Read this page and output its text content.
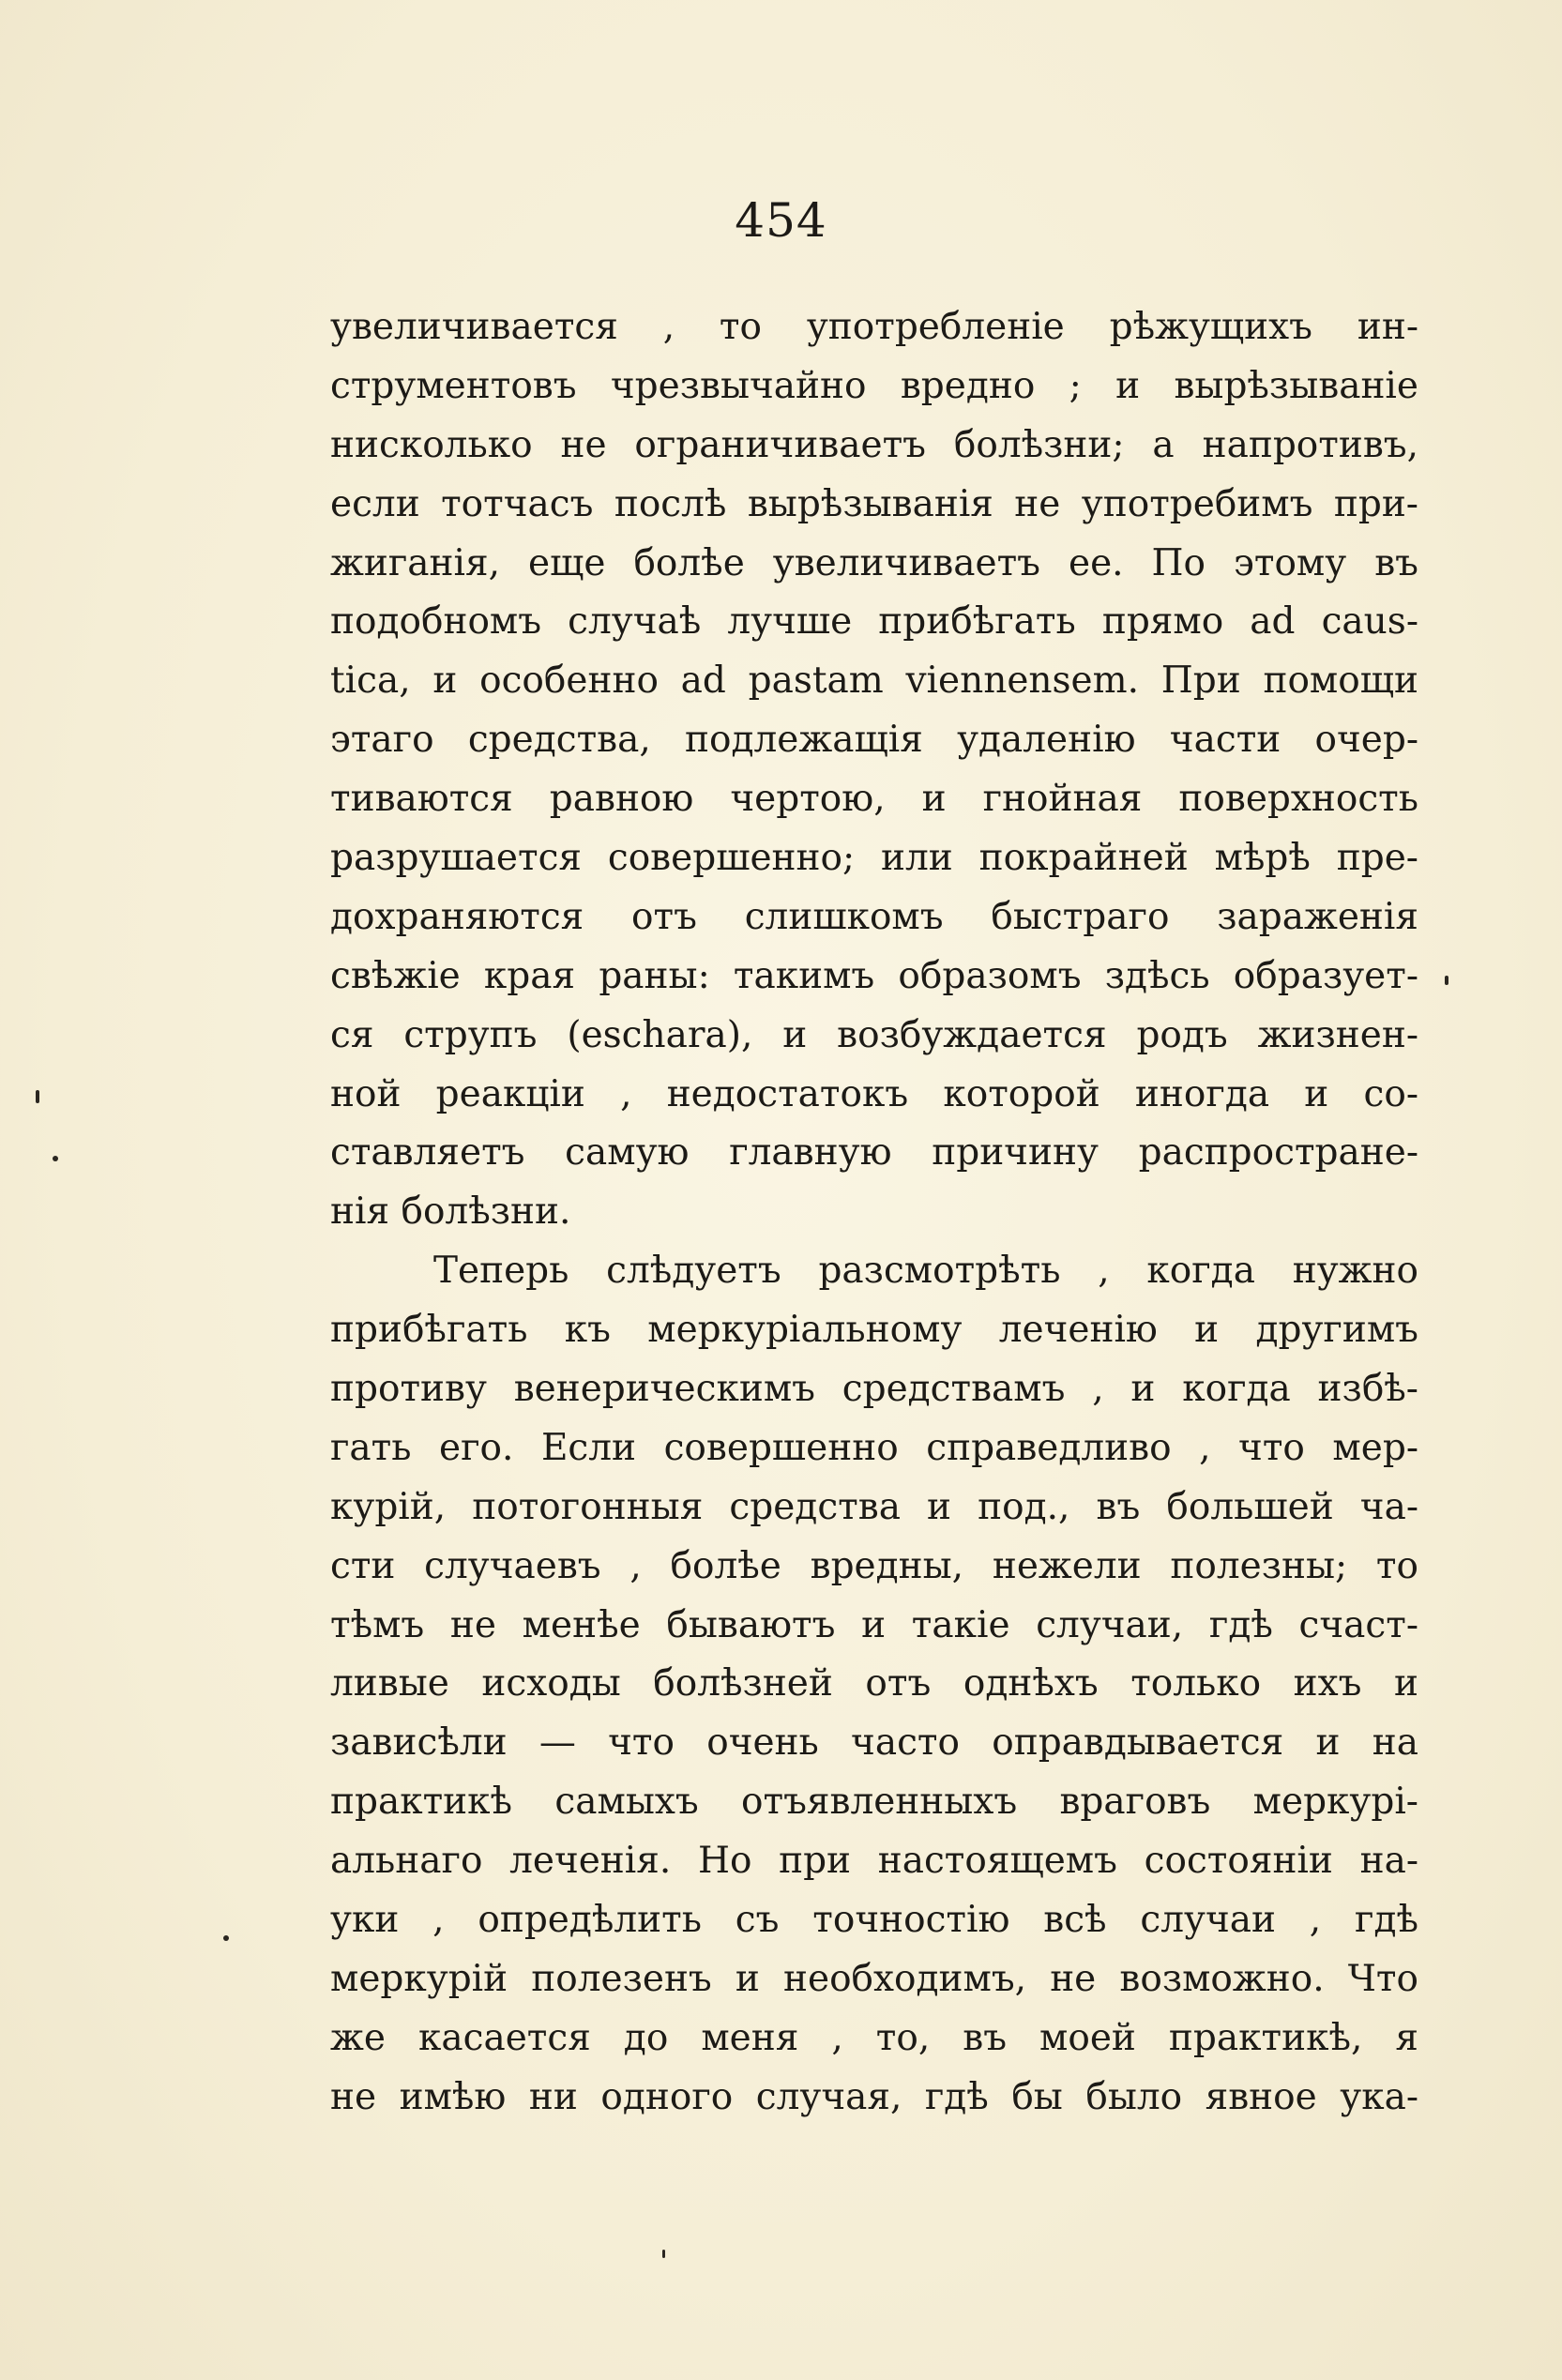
454
увеличивается , то употребленіе рѣжущихъ ин-
струментовъ чрезвычайно вредно ; и вырѣзываніе
нисколько не ограничиваетъ болѣзни; а напротивъ,
если тотчасъ послѣ вырѣзыванія не употребимъ при-
жиганія, еще болѣе увеличиваетъ ее. По этому въ
подобномъ случаѣ лучше прибѣгать прямо ad caus-
tica, и особенно ad pastam viennensem. При помощи
этаго средства, подлежащія удаленію части очер-
тиваются равною чертою, и гнойная поверхность
разрушается совершенно; или покрайней мѣрѣ пре-
дохраняются отъ слишкомъ быстраго зараженія
свѣжіе края раны: такимъ образомъ здѣсь образует-
ся струпъ (eschara), и возбуждается родъ жизнен-
ной реакціи , недостатокъ которой иногда и со-
ставляетъ самую главную причину распростране-
нія болѣзни.
Теперь слѣдуетъ разсмотрѣть , когда нужно
прибѣгать къ меркуріальному леченію и другимъ
противу венерическимъ средствамъ , и когда избѣ-
гать его. Если совершенно справедливо , что мер-
курій, потогонныя средства и под., въ большей ча-
сти случаевъ , болѣе вредны, нежели полезны; то
тѣмъ не менѣе бываютъ и такіе случаи, гдѣ счаст-
ливые исходы болѣзней отъ однѣхъ только ихъ и
зависѣли — что очень часто оправдывается и на
практикѣ самыхъ отъявленныхъ враговъ меркурі-
альнаго леченія. Но при настоящемъ состояніи на-
уки , опредѣлить съ точностію всѣ случаи , гдѣ
меркурій полезенъ и необходимъ, не возможно. Что
же касается до меня , то, въ моей практикѣ, я
не имѣю ни одного случая, гдѣ бы было явное ука-
